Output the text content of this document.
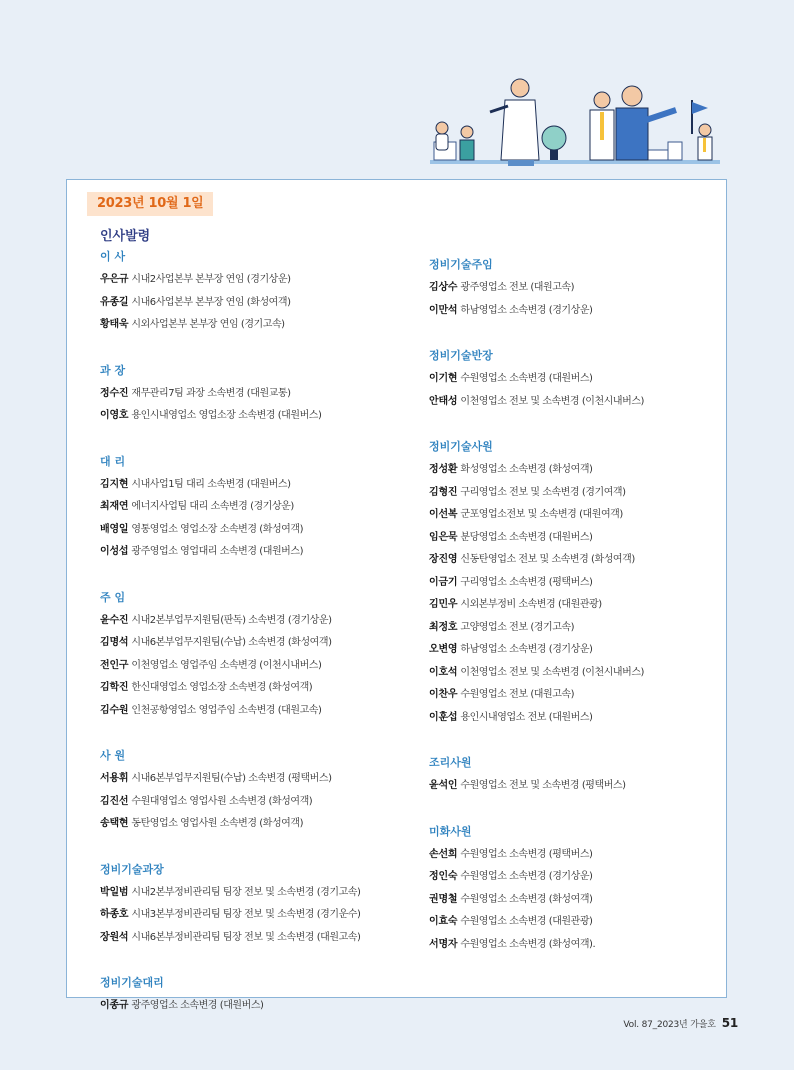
2023년 10월 1일
인사발령
이 사
우은규 시내2사업본부 본부장 연임 (경기상운)
유종길 시내6사업본부 본부장 연임 (화성여객)
황태욱 시외사업본부 본부장 연임 (경기고속)
과 장
정수진 재무관리7팀 과장 소속변경 (대원교통)
이영호 용인시내영업소 영업소장 소속변경 (대원버스)
대 리
김지현 시내사업1팀 대리 소속변경 (대원버스)
최재연 에너지사업팀 대리 소속변경 (경기상운)
배영일 영통영업소 영업소장 소속변경 (화성여객)
이성섭 광주영업소 영업대리 소속변경 (대원버스)
주 임
윤수진 시내2본부업무지원팀(판독) 소속변경 (경기상운)
김명석 시내6본부업무지원팀(수납) 소속변경 (화성여객)
전인구 이천영업소 영업주임 소속변경 (이천시내버스)
김학진 한신대영업소 영업소장 소속변경 (화성여객)
김수원 인천공항영업소 영업주임 소속변경 (대원고속)
사 원
서용휘 시내6본부업무지원팀(수납) 소속변경 (평택버스)
김진선 수원대영업소 영업사원 소속변경 (화성여객)
송택현 동탄영업소 영업사원 소속변경 (화성여객)
정비기술과장
박일범 시내2본부정비관리팀 팀장 전보 및 소속변경 (경기고속)
하종호 시내3본부정비관리팀 팀장 전보 및 소속변경 (경기운수)
장원석 시내6본부정비관리팀 팀장 전보 및 소속변경 (대원고속)
정비기술대리
이종규 광주영업소 소속변경 (대원버스)
정비기술주임
김상수 광주영업소 전보 (대원고속)
이만석 하남영업소 소속변경 (경기상운)
정비기술반장
이기현 수원영업소 소속변경 (대원버스)
안태성 이천영업소 전보 및 소속변경 (이천시내버스)
정비기술사원
정성환 화성영업소 소속변경 (화성여객)
김형진 구리영업소 전보 및 소속변경 (경기여객)
이선복 군포영업소전보 및 소속변경 (대원여객)
임은묵 분당영업소 소속변경 (대원버스)
장진영 신동탄영업소 전보 및 소속변경 (화성여객)
이금기 구리영업소 소속변경 (평택버스)
김민우 시외본부정비 소속변경 (대원관광)
최정호 고양영업소 전보 (경기고속)
오변영 하남영업소 소속변경 (경기상운)
이호석 이천영업소 전보 및 소속변경 (이천시내버스)
이찬우 수원영업소 전보 (대원고속)
이훈섭 용인시내영업소 전보 (대원버스)
조리사원
윤석인 수원영업소 전보 및 소속변경 (평택버스)
미화사원
손선희 수원영업소 소속변경 (평택버스)
정인숙 수원영업소 소속변경 (경기상운)
권명철 수원영업소 소속변경 (화성여객)
이효숙 수원영업소 소속변경 (대원관광)
서명자 수원영업소 소속변경 (화성여객).
Vol. 87_2023년 가을호 51
